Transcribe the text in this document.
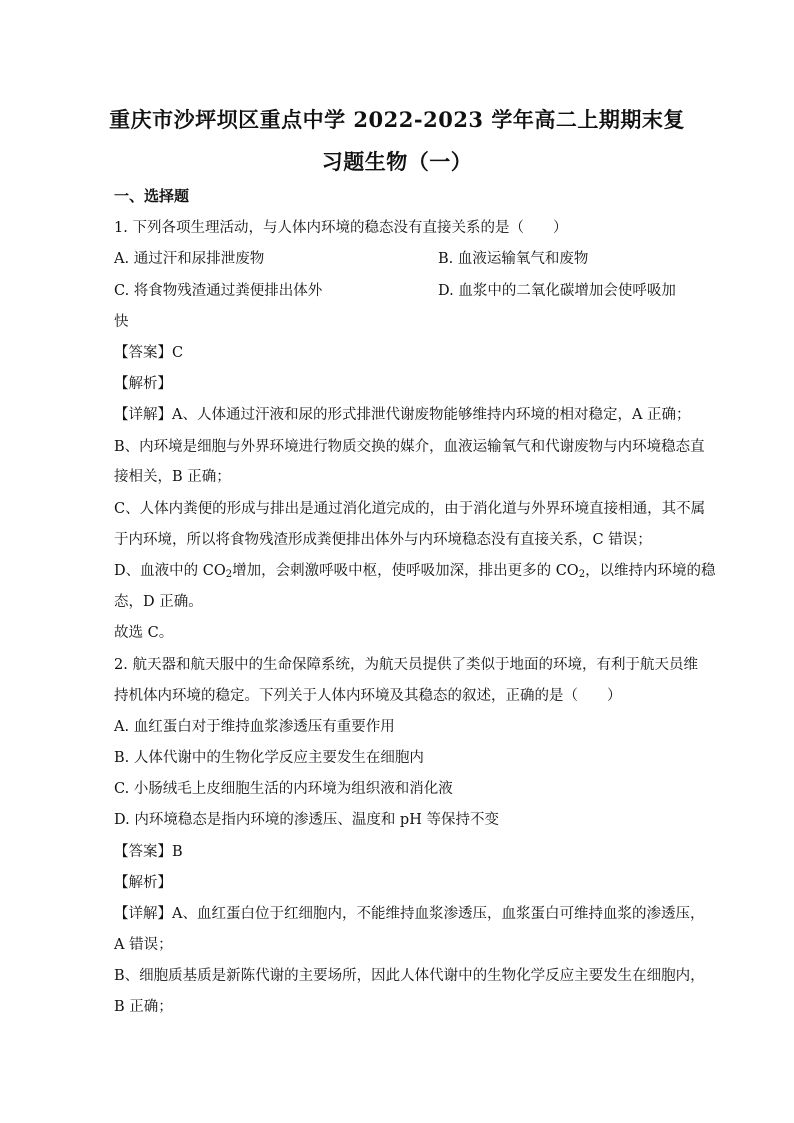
重庆市沙坪坝区重点中学 2022-2023 学年高二上期期末复
习题生物（一）
一、选择题
1. 下列各项生理活动，与人体内环境的稳态没有直接关系的是（　　）
A. 通过汗和尿排泄废物	B. 血液运输氧气和废物
C. 将食物残渣通过粪便排出体外	D. 血浆中的二氧化碳增加会使呼吸加
快
【答案】C
【解析】
【详解】A、人体通过汗液和尿的形式排泄代谢废物能够维持内环境的相对稳定，A 正确；
B、内环境是细胞与外界环境进行物质交换的媒介，血液运输氧气和代谢废物与内环境稳态直
接相关，B 正确；
C、人体内粪便的形成与排出是通过消化道完成的，由于消化道与外界环境直接相通，其不属
于内环境，所以将食物残渣形成粪便排出体外与内环境稳态没有直接关系，C 错误；
D、血液中的 $CO_2$增加，会刺激呼吸中枢，使呼吸加深，排出更多的 $CO_2$，以维持内环境的稳
态，D 正确。
故选 C。
2. 航天器和航天服中的生命保障系统，为航天员提供了类似于地面的环境，有利于航天员维
持机体内环境的稳定。下列关于人体内环境及其稳态的叙述，正确的是（　　）
A. 血红蛋白对于维持血浆渗透压有重要作用
B. 人体代谢中的生物化学反应主要发生在细胞内
C. 小肠绒毛上皮细胞生活的内环境为组织液和消化液
D. 内环境稳态是指内环境的渗透压、温度和 pH 等保持不变
【答案】B
【解析】
【详解】A、血红蛋白位于红细胞内，不能维持血浆渗透压，血浆蛋白可维持血浆的渗透压，
A 错误；
B、细胞质基质是新陈代谢的主要场所，因此人体代谢中的生物化学反应主要发生在细胞内，
B 正确；
